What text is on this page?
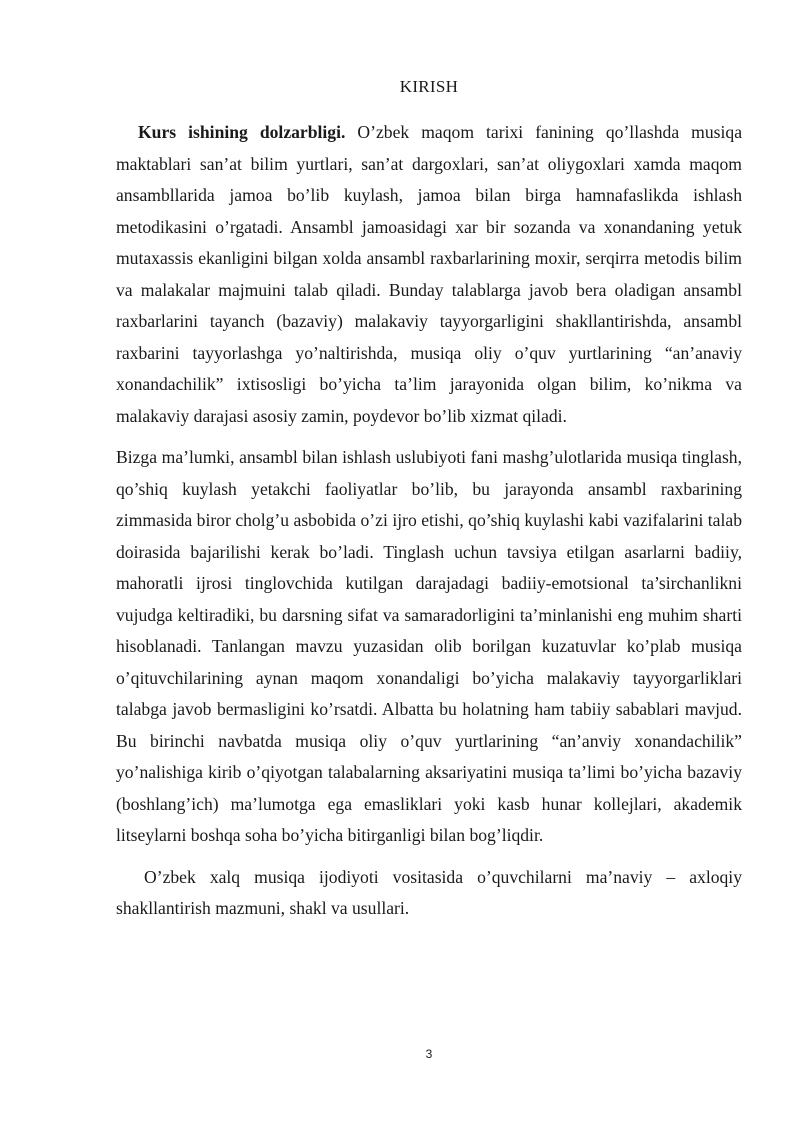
KIRISH

Kurs ishining dolzarbligi. O’zbek maqom tarixi fanining qo’llashda musiqa maktablari san’at bilim yurtlari, san’at dargoxlari, san’at oliygoxlari xamda maqom ansambllarida jamoa bo’lib kuylash, jamoa bilan birga hamnafaslikda ishlash metodikasini o’rgatadi. Ansambl jamoasidagi xar bir sozanda va xonandaning yetuk mutaxassis ekanligini bilgan xolda ansambl raxbarlarining moxir, serqirra metodis bilim va malakalar majmuini talab qiladi. Bunday talablarga javob bera oladigan ansambl raxbarlarini tayanch (bazaviy) malakaviy tayyorgarligini shakllantirishda, ansambl raxbarini tayyorlashga yo’naltirishda, musiqa oliy o’quv yurtlarining “an’anaviy xonandachilik” ixtisosligi bo’yicha ta’lim jarayonida olgan bilim, ko’nikma va malakaviy darajasi asosiy zamin, poydevor bo’lib xizmat qiladi.

Bizga ma’lumki, ansambl bilan ishlash uslubiyoti fani mashg’ulotlarida musiqa tinglash, qo’shiq kuylash yetakchi faoliyatlar bo’lib, bu jarayonda ansambl raxbarining zimmasida biror cholg’u asbobida o’zi ijro etishi, qo’shiq kuylashi kabi vazifalarini talab doirasida bajarilishi kerak bo’ladi. Tinglash uchun tavsiya etilgan asarlarni badiiy, mahoratli ijrosi tinglovchida kutilgan darajadagi badiiy-emotsional ta’sirchanlikni vujudga keltiradiki, bu darsning sifat va samaradorligini ta’minlanishi eng muhim sharti hisoblanadi. Tanlangan mavzu yuzasidan olib borilgan kuzatuvlar ko’plab musiqa o’qituvchilarining aynan maqom xonandaligi bo’yicha malakaviy tayyorgarliklari talabga javob bermasligini ko’rsatdi. Albatta bu holatning ham tabiiy sabablari mavjud. Bu birinchi navbatda musiqa oliy o’quv yurtlarining “an’anviy xonandachilik” yo’nalishiga kirib o’qiyotgan talabalarning aksariyatini musiqa ta’limi bo’yicha bazaviy (boshlang’ich) ma’lumotga ega emasliklari yoki kasb hunar kollejlari, akademik litseylarni boshqa soha bo’yicha bitirganligi bilan bog’liqdir.

O’zbek xalq musiqa ijodiyoti vositasida o’quvchilarni ma’naviy – axloqiy shakllantirish mazmuni, shakl va usullari.

3
